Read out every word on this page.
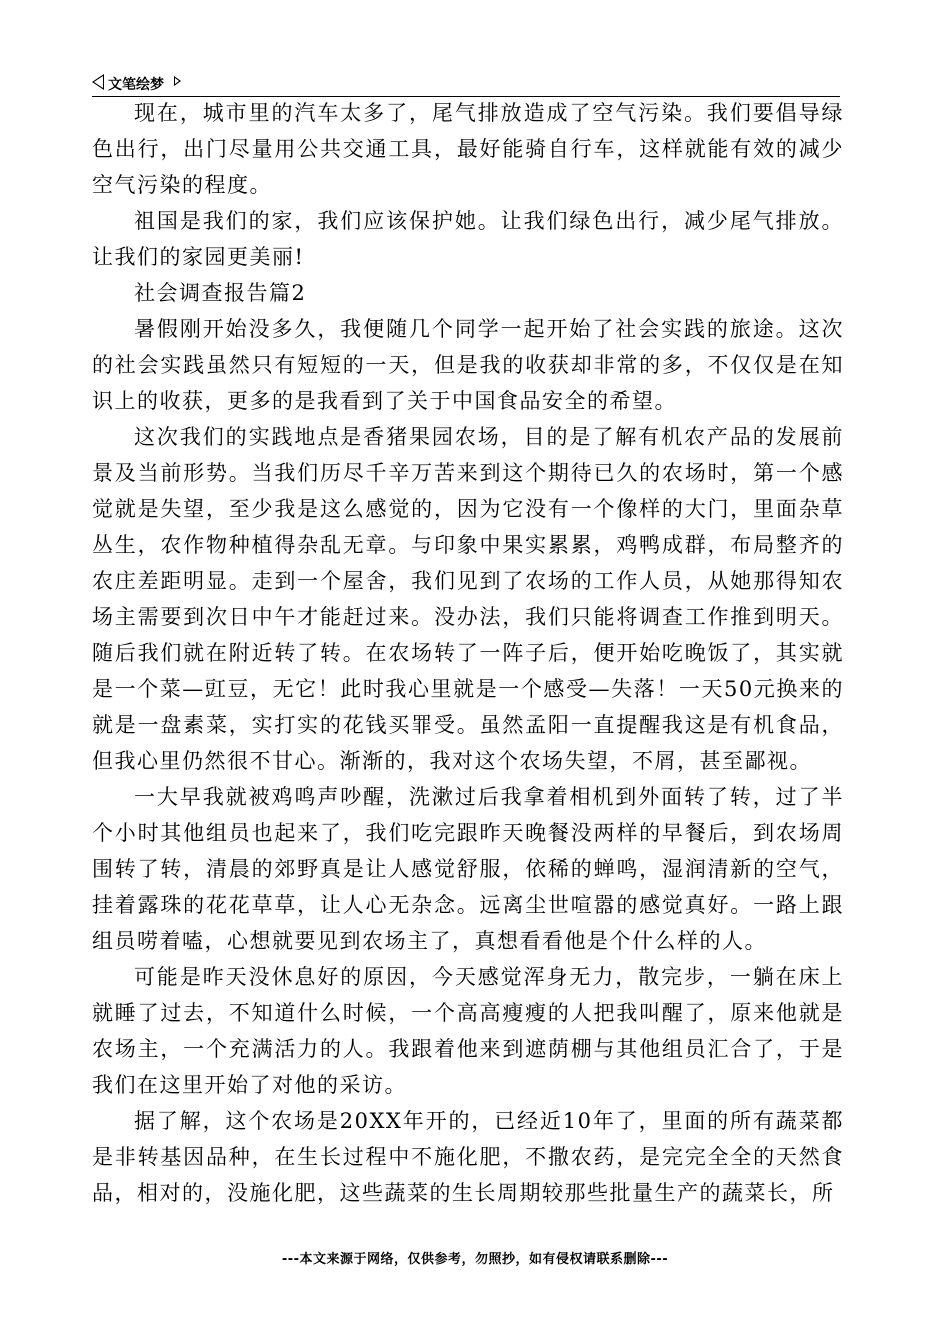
文笔绘梦

现在，城市里的汽车太多了，尾气排放造成了空气污染。我们要倡导绿色出行，出门尽量用公共交通工具，最好能骑自行车，这样就能有效的减少空气污染的程度。

祖国是我们的家，我们应该保护她。让我们绿色出行，减少尾气排放。让我们的家园更美丽!

社会调查报告篇2

暑假刚开始没多久，我便随几个同学一起开始了社会实践的旅途。这次的社会实践虽然只有短短的一天，但是我的收获却非常的多，不仅仅是在知识上的收获，更多的是我看到了关于中国食品安全的希望。

这次我们的实践地点是香猪果园农场，目的是了解有机农产品的发展前景及当前形势。当我们历尽千辛万苦来到这个期待已久的农场时，第一个感觉就是失望，至少我是这么感觉的，因为它没有一个像样的大门，里面杂草丛生，农作物种植得杂乱无章。与印象中果实累累，鸡鸭成群，布局整齐的农庄差距明显。走到一个屋舍，我们见到了农场的工作人员，从她那得知农场主需要到次日中午才能赶过来。没办法，我们只能将调查工作推到明天。随后我们就在附近转了转。在农场转了一阵子后，便开始吃晚饭了，其实就是一个菜—豇豆，无它！此时我心里就是一个感受—失落！一天50元换来的就是一盘素菜，实打实的花钱买罪受。虽然孟阳一直提醒我这是有机食品，但我心里仍然很不甘心。渐渐的，我对这个农场失望，不屑，甚至鄙视。

一大早我就被鸡鸣声吵醒，洗漱过后我拿着相机到外面转了转，过了半个小时其他组员也起来了，我们吃完跟昨天晚餐没两样的早餐后，到农场周围转了转，清晨的郊野真是让人感觉舒服，依稀的蝉鸣，湿润清新的空气，挂着露珠的花花草草，让人心无杂念。远离尘世喧嚣的感觉真好。一路上跟组员唠着嗑，心想就要见到农场主了，真想看看他是个什么样的人。

可能是昨天没休息好的原因，今天感觉浑身无力，散完步，一躺在床上就睡了过去，不知道什么时候，一个高高瘦瘦的人把我叫醒了，原来他就是农场主，一个充满活力的人。我跟着他来到遮荫棚与其他组员汇合了，于是我们在这里开始了对他的采访。

据了解，这个农场是20XX年开的，已经近10年了，里面的所有蔬菜都是非转基因品种，在生长过程中不施化肥，不撒农药，是完完全全的天然食品，相对的，没施化肥，这些蔬菜的生长周期较那些批量生产的蔬菜长，所

---本文来源于网络，仅供参考，勿照抄，如有侵权请联系删除---
